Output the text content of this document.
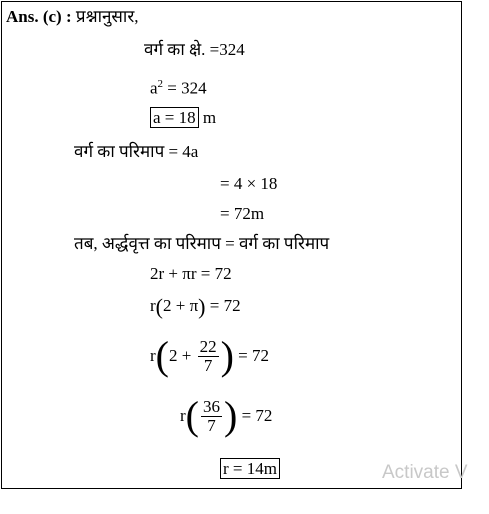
Ans. (c) : प्रश्नानुसार,
वर्ग का क्षे. =324
$a^2 = 324$
a = 18 m
वर्ग का परिमाप = 4a
= 4 × 18
= 72m
तब, अर्द्धवृत्त का परिमाप = वर्ग का परिमाप
2r + πr = 72
r(2 + π) = 72
$r(2 + \frac{22}{7}$ ) = 72
$r( \frac{36}{7}$ ) = 72
r = 14m	Activate V
